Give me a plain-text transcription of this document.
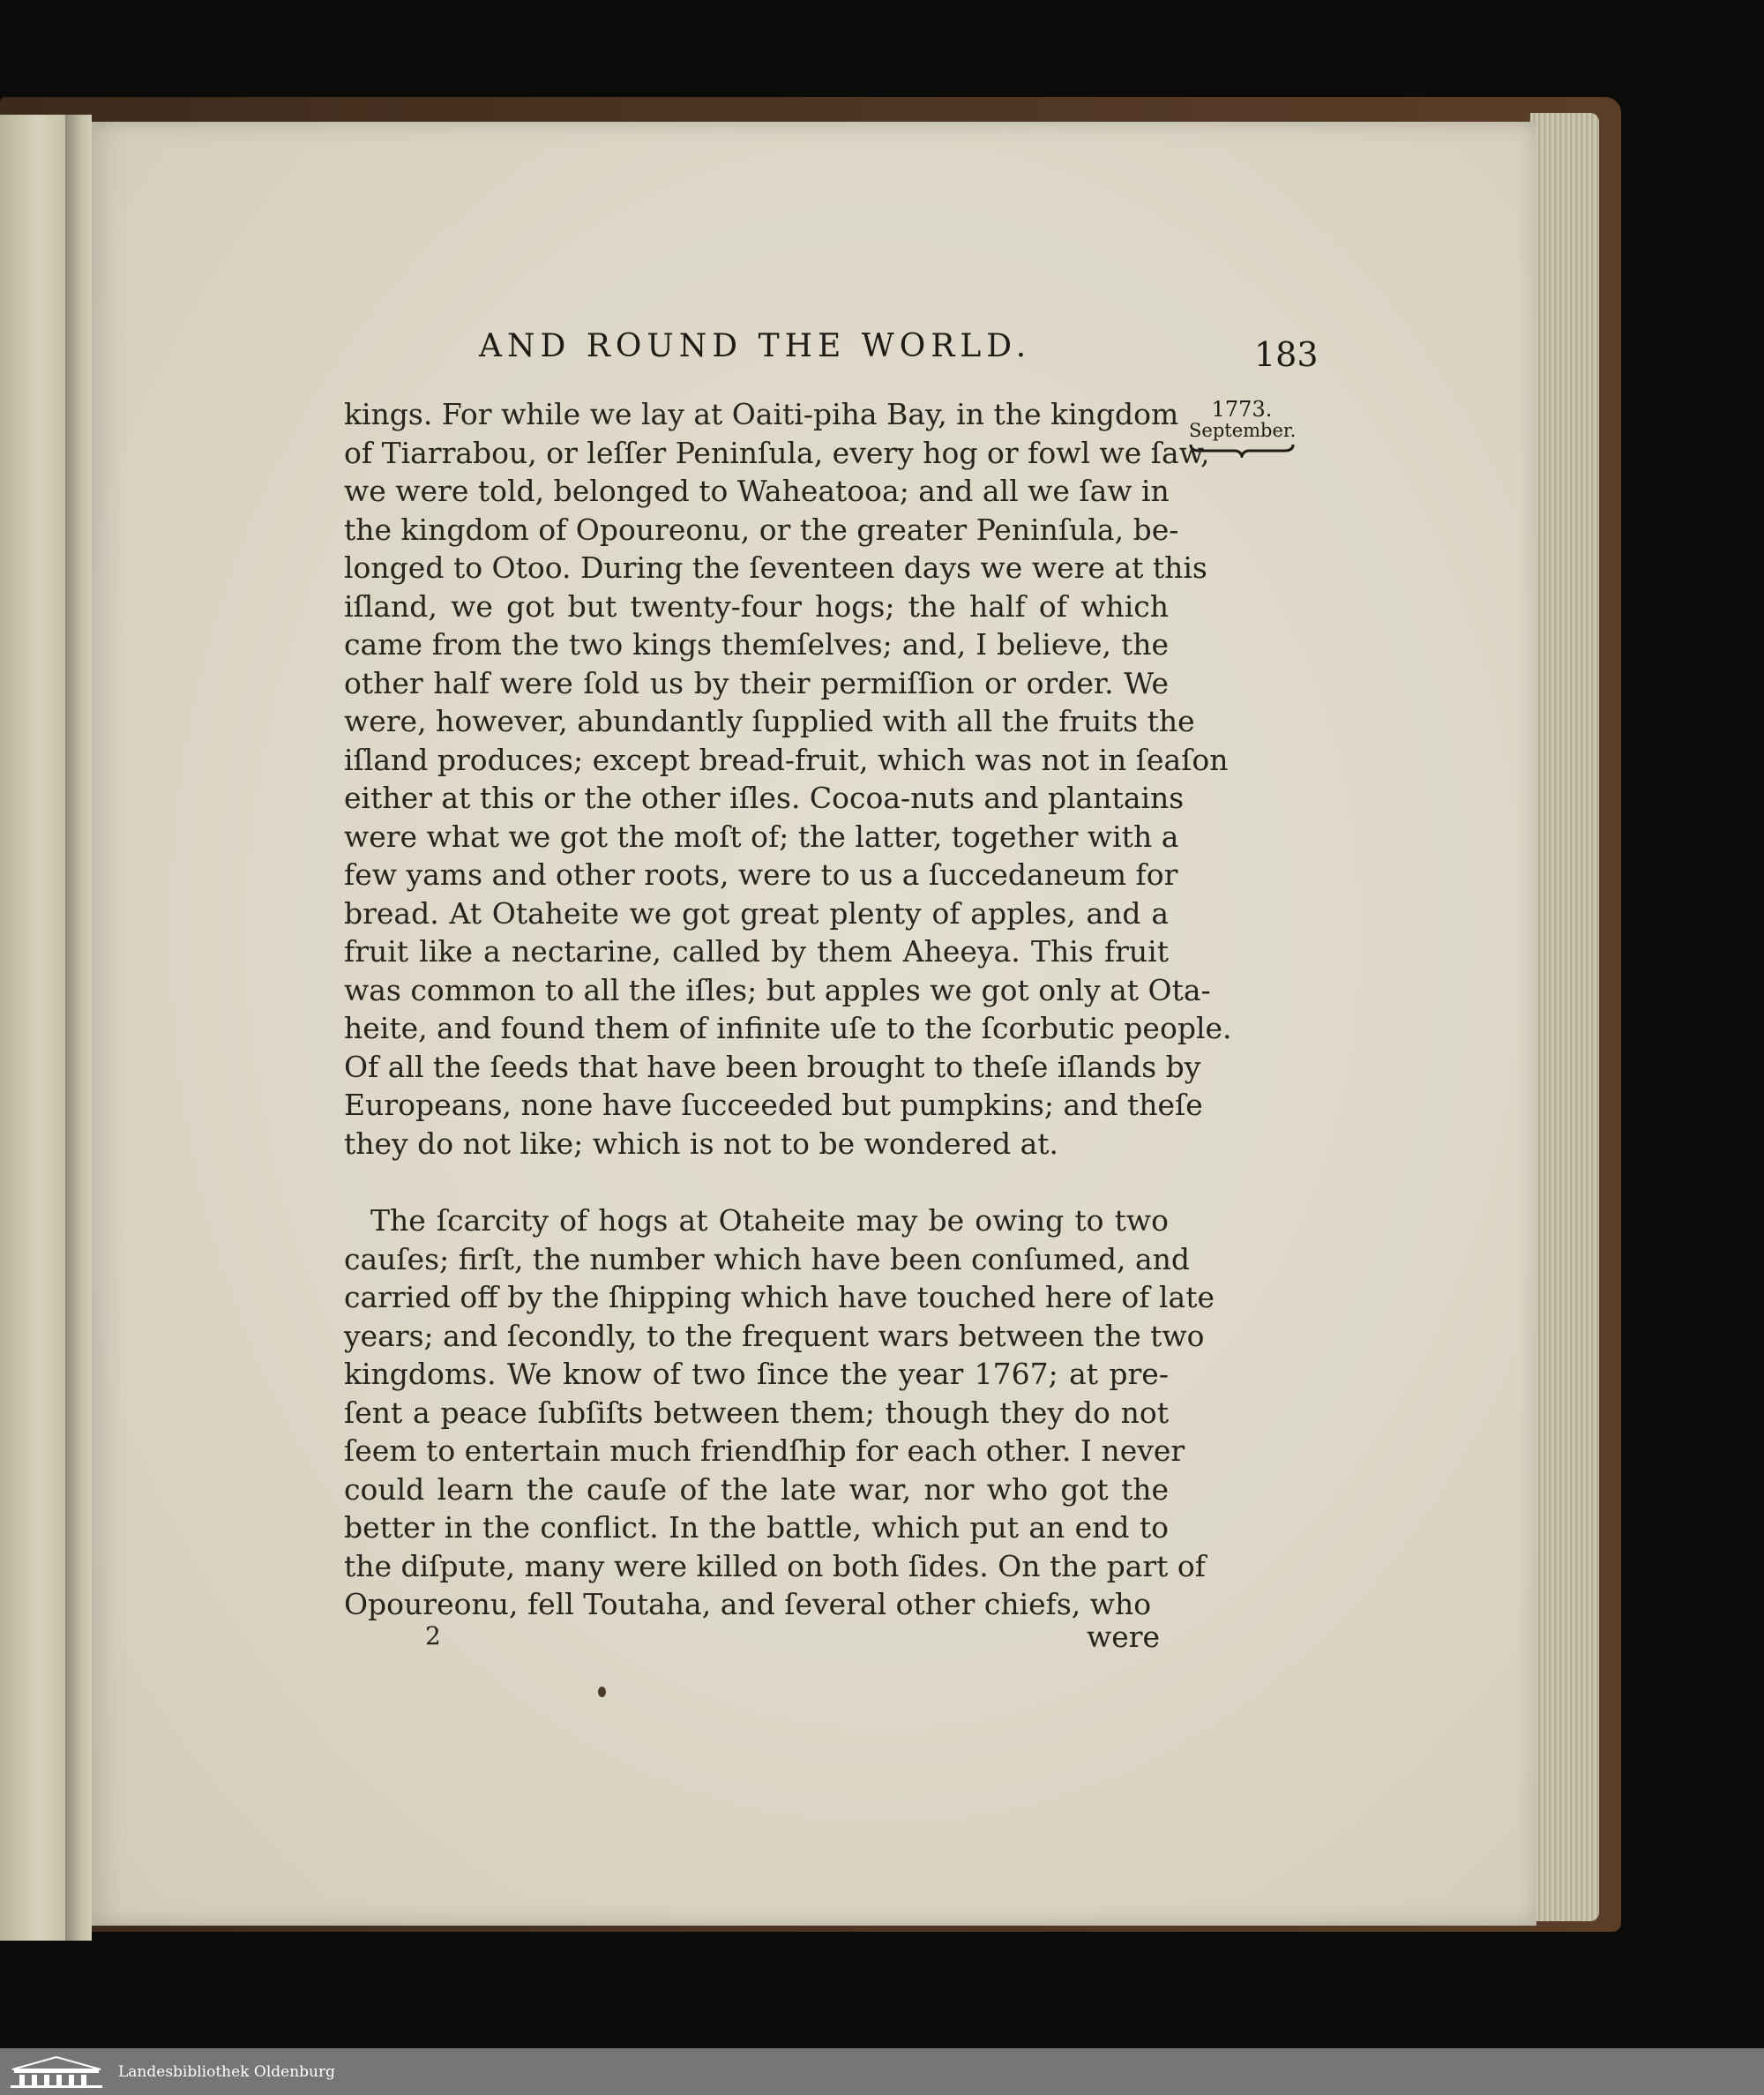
AND ROUND THE WORLD.	183
1773.
September.
kings. For while we lay at Oaiti-piha Bay, in the kingdom
of Tiarrabou, or leſſer Peninſula, every hog or fowl we ſaw,
we were told, belonged to Waheatooa; and all we ſaw in
the kingdom of Opoureonu, or the greater Peninſula, be-
longed to Otoo. During the ſeventeen days we were at this
iſland, we got but twenty-four hogs; the half of which
came from the two kings themſelves; and, I believe, the
other half were ſold us by their permiſſion or order. We
were, however, abundantly ſupplied with all the fruits the
iſland produces; except bread-fruit, which was not in ſeaſon
either at this or the other iſles. Cocoa-nuts and plantains
were what we got the moſt of; the latter, together with a
few yams and other roots, were to us a ſuccedaneum for
bread. At Otaheite we got great plenty of apples, and a
fruit like a nectarine, called by them Aheeya. This fruit
was common to all the iſles; but apples we got only at Ota-
heite, and found them of infinite uſe to the ſcorbutic people.
Of all the ſeeds that have been brought to theſe iſlands by
Europeans, none have ſucceeded but pumpkins; and theſe
they do not like; which is not to be wondered at.
The ſcarcity of hogs at Otaheite may be owing to two
cauſes; firſt, the number which have been conſumed, and
carried off by the ſhipping which have touched here of late
years; and ſecondly, to the frequent wars between the two
kingdoms. We know of two ſince the year 1767; at pre-
ſent a peace ſubſiſts between them; though they do not
ſeem to entertain much friendſhip for each other. I never
could learn the cauſe of the late war, nor who got the
better in the conflict. In the battle, which put an end to
the diſpute, many were killed on both ſides. On the part of
Opoureonu, fell Toutaha, and ſeveral other chiefs, who
2	were
Landesbibliothek Oldenburg
